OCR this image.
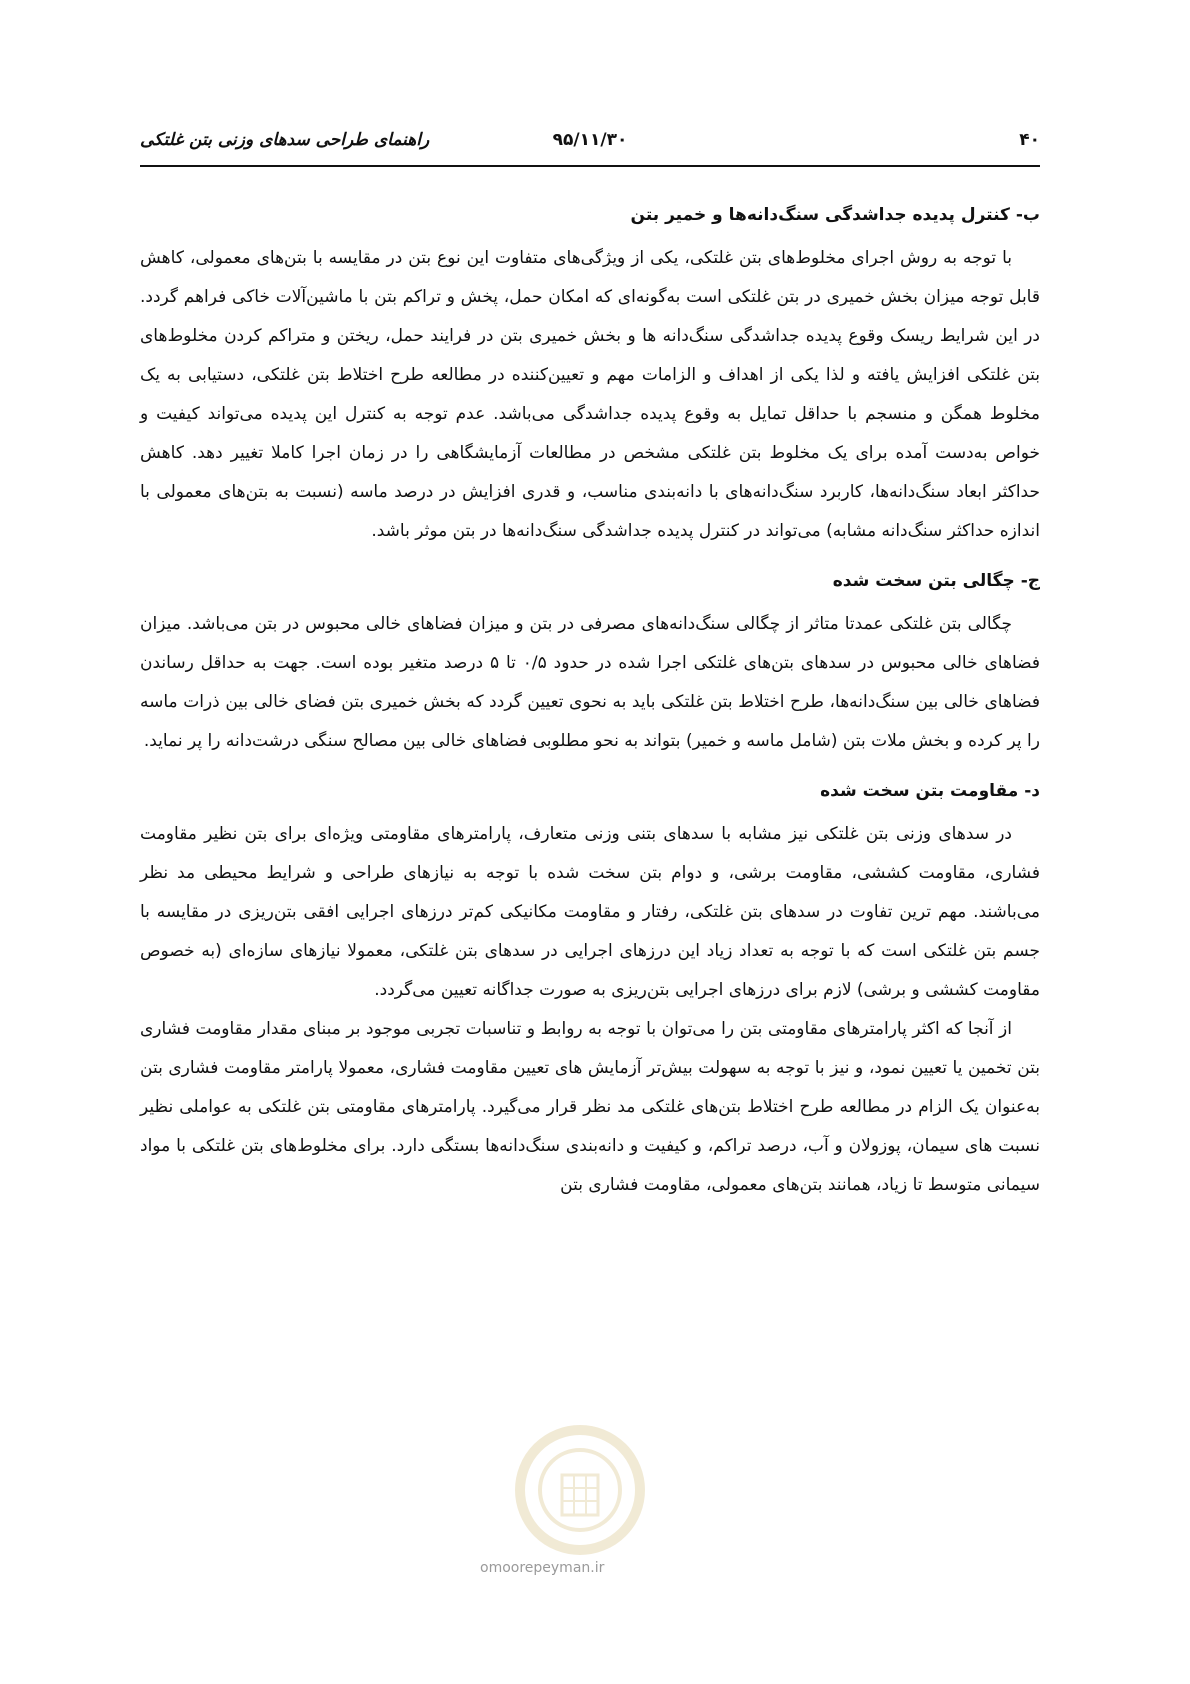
۴۰
۹۵/۱۱/۳۰
راهنمای طراحی سدهای وزنی بتن غلتکی

ب- کنترل پدیده جداشدگی سنگ‌دانه‌ها و خمیر بتن

با توجه به روش اجرای مخلوط‌های بتن غلتکی، یکی از ویژگی‌های متفاوت این نوع بتن در مقایسه با بتن‌های معمولی، کاهش قابل توجه میزان بخش خمیری در بتن غلتکی است به‌گونه‌ای که امکان حمل، پخش و تراکم بتن با ماشین‌آلات خاکی فراهم گردد. در این شرایط ریسک وقوع پدیده جداشدگی سنگ‌دانه ها و بخش خمیری بتن در فرایند حمل، ریختن و متراکم کردن مخلوط‌های بتن غلتکی افزایش یافته و لذا یکی از اهداف و الزامات مهم و تعیین‌کننده در مطالعه طرح اختلاط بتن غلتکی، دستیابی به یک مخلوط همگن و منسجم با حداقل تمایل به وقوع پدیده جداشدگی می‌باشد. عدم توجه به کنترل این پدیده می‌تواند کیفیت و خواص به‌دست آمده برای یک مخلوط بتن غلتکی مشخص در مطالعات آزمایشگاهی را در زمان اجرا کاملا تغییر دهد. کاهش حداکثر ابعاد سنگ‌دانه‌ها، کاربرد سنگ‌دانه‌های با دانه‌بندی مناسب، و قدری افزایش در درصد ماسه (نسبت به بتن‌های معمولی با اندازه حداکثر سنگ‌دانه مشابه) می‌تواند در کنترل پدیده جداشدگی سنگ‌دانه‌ها در بتن موثر باشد.

ج- چگالی بتن سخت شده

چگالی بتن غلتکی عمدتا متاثر از چگالی سنگ‌دانه‌های مصرفی در بتن و میزان فضاهای خالی محبوس در بتن می‌باشد. میزان فضاهای خالی محبوس در سدهای بتن‌های غلتکی اجرا شده در حدود ۰/۵ تا ۵ درصد متغیر بوده است. جهت به حداقل رساندن فضاهای خالی بین سنگ‌دانه‌ها، طرح اختلاط بتن غلتکی باید به نحوی تعیین گردد که بخش خمیری بتن فضای خالی بین ذرات ماسه را پر کرده و بخش ملات بتن (شامل ماسه و خمیر) بتواند به نحو مطلوبی فضاهای خالی بین مصالح سنگی درشت‌دانه را پر نماید.

د- مقاومت بتن سخت شده

در سدهای وزنی بتن غلتکی نیز مشابه با سدهای بتنی وزنی متعارف، پارامترهای مقاومتی ویژه‌ای برای بتن نظیر مقاومت فشاری، مقاومت کششی، مقاومت برشی، و دوام بتن سخت شده با توجه به نیازهای طراحی و شرایط محیطی مد نظر می‌باشند. مهم ترین تفاوت در سدهای بتن غلتکی، رفتار و مقاومت مکانیکی کم‌تر درزهای اجرایی افقی بتن‌ریزی در مقایسه با جسم بتن غلتکی است که با توجه به تعداد زیاد این درزهای اجرایی در سدهای بتن غلتکی، معمولا نیازهای سازه‌ای (به خصوص مقاومت کششی و برشی) لازم برای درزهای اجرایی بتن‌ریزی به صورت جداگانه تعیین می‌گردد.

از آنجا که اکثر پارامترهای مقاومتی بتن را می‌توان با توجه به روابط و تناسبات تجربی موجود بر مبنای مقدار مقاومت فشاری بتن تخمین یا تعیین نمود، و نیز با توجه به سهولت بیش‌تر آزمایش های تعیین مقاومت فشاری، معمولا پارامتر مقاومت فشاری بتن به‌عنوان یک الزام در مطالعه طرح اختلاط بتن‌های غلتکی مد نظر قرار می‌گیرد. پارامترهای مقاومتی بتن غلتکی به عواملی نظیر نسبت های سیمان، پوزولان و آب، درصد تراکم، و کیفیت و دانه‌بندی سنگ‌دانه‌ها بستگی دارد. برای مخلوط‌های بتن غلتکی با مواد سیمانی متوسط تا زیاد، همانند بتن‌های معمولی، مقاومت فشاری بتن

omoorepeyman.ir
